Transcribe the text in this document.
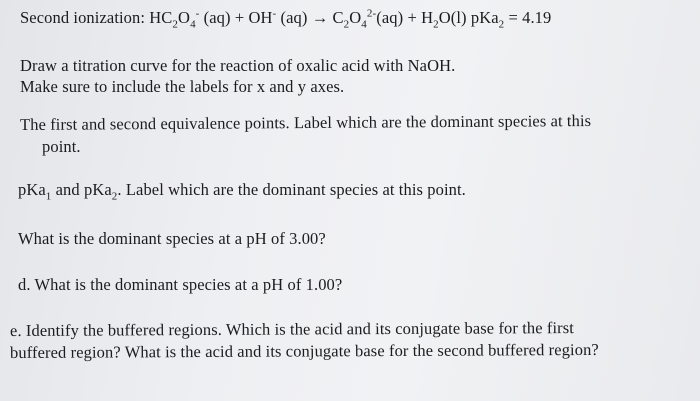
Second ionization: $HC_2O_4^-$ (aq) + OH- $(aq) \to C_2O_4^{2-}(aq) + H_2O(l) pKa_2 = 4.19$
Draw a titration curve for the reaction of oxalic acid with NaOH.
Make sure to include the labels for x and y axes.
The first and second equivalence points. Label which are the dominant species at this
point.
pKa$_1$ and pKa$_2$. Label which are the dominant species at this point.
What is the dominant species at a pH of 3.00?
d. What is the dominant species at a pH of 1.00?
e. Identify the buffered regions. Which is the acid and its conjugate base for the first
buffered region? What is the acid and its conjugate base for the second buffered region?
